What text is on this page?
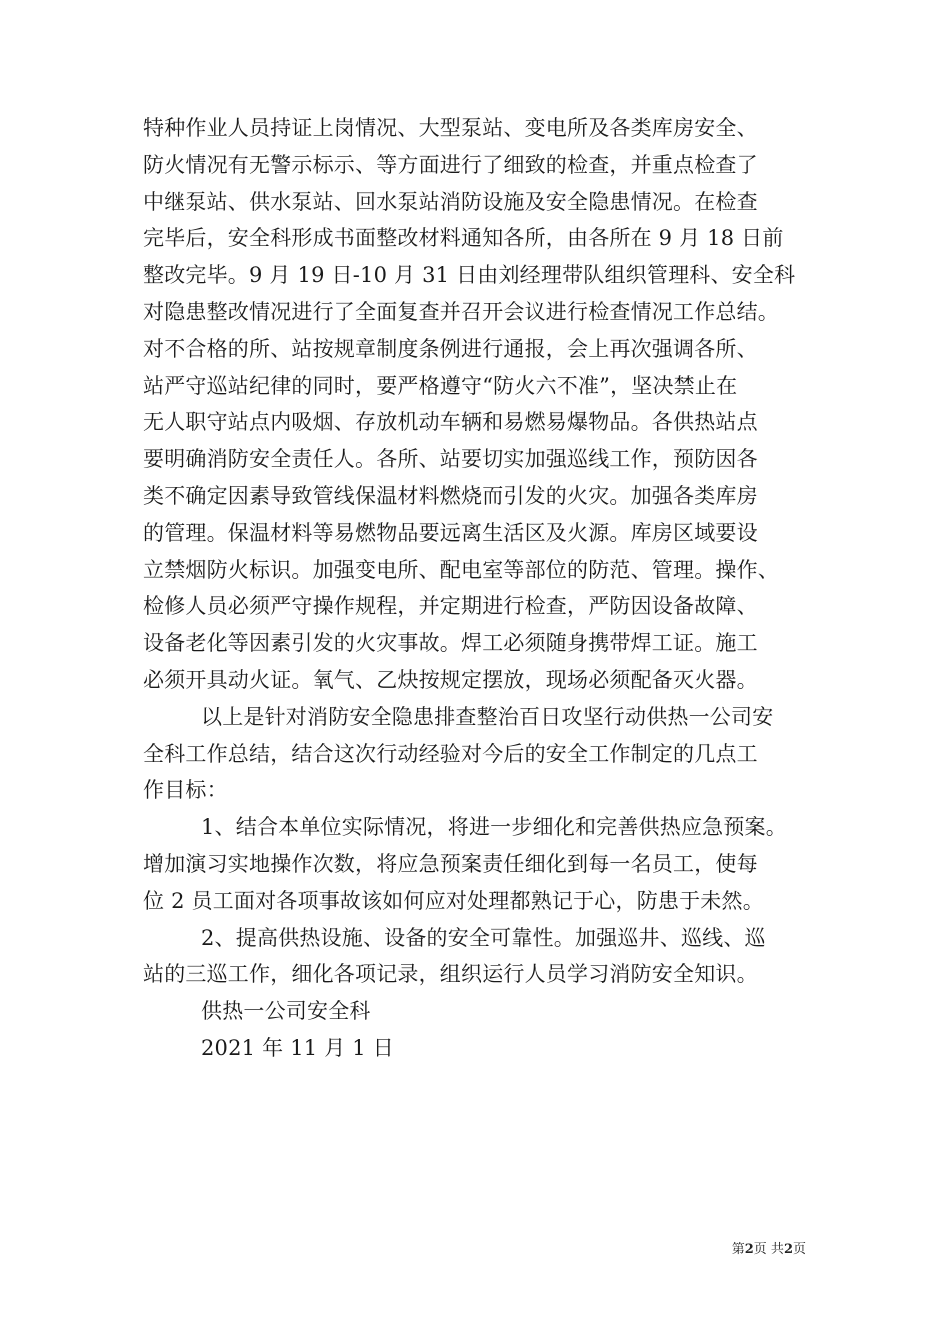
特种作业人员持证上岗情况、大型泵站、变电所及各类库房安全、
防火情况有无警示标示、等方面进行了细致的检查，并重点检查了
中继泵站、供水泵站、回水泵站消防设施及安全隐患情况。在检查
完毕后，安全科形成书面整改材料通知各所，由各所在 9 月 18 日前
整改完毕。9 月 19 日-10 月 31 日由刘经理带队组织管理科、安全科
对隐患整改情况进行了全面复查并召开会议进行检查情况工作总结。
对不合格的所、站按规章制度条例进行通报，会上再次强调各所、
站严守巡站纪律的同时，要严格遵守“防火六不准”，坚决禁止在
无人职守站点内吸烟、存放机动车辆和易燃易爆物品。各供热站点
要明确消防安全责任人。各所、站要切实加强巡线工作，预防因各
类不确定因素导致管线保温材料燃烧而引发的火灾。加强各类库房
的管理。保温材料等易燃物品要远离生活区及火源。库房区域要设
立禁烟防火标识。加强变电所、配电室等部位的防范、管理。操作、
检修人员必须严守操作规程，并定期进行检查，严防因设备故障、
设备老化等因素引发的火灾事故。焊工必须随身携带焊工证。施工
必须开具动火证。氧气、乙炔按规定摆放，现场必须配备灭火器。
以上是针对消防安全隐患排查整治百日攻坚行动供热一公司安
全科工作总结，结合这次行动经验对今后的安全工作制定的几点工
作目标：
1、结合本单位实际情况，将进一步细化和完善供热应急预案。
增加演习实地操作次数，将应急预案责任细化到每一名员工，使每
位 2 员工面对各项事故该如何应对处理都熟记于心，防患于未然。
2、提高供热设施、设备的安全可靠性。加强巡井、巡线、巡
站的三巡工作，细化各项记录，组织运行人员学习消防安全知识。
供热一公司安全科
2021 年 11 月 1 日
第2页 共2页
